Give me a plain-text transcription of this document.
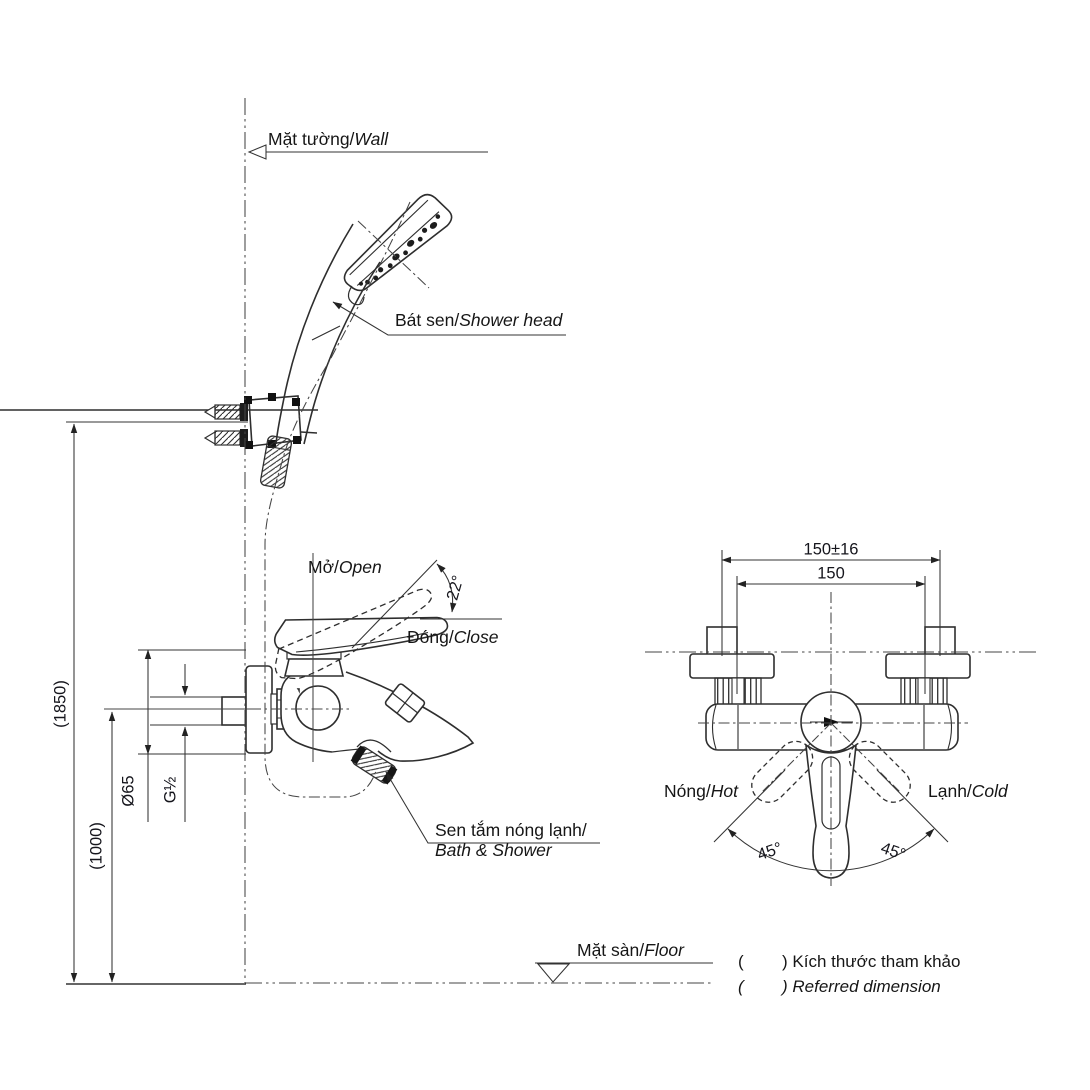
Mặt tường/Wall
Bát sen/Shower head
Mở/Open
Đóng/Close
Sen tắm nóng lạnh/
Bath & Shower
Mặt sàn/Floor
Nóng/Hot	Lạnh/Cold
(1850)
(1000)
Ø65 G½
150±16
150
22°
45°	45°
( ) Kích thước tham khảo
( ) Referred dimension
